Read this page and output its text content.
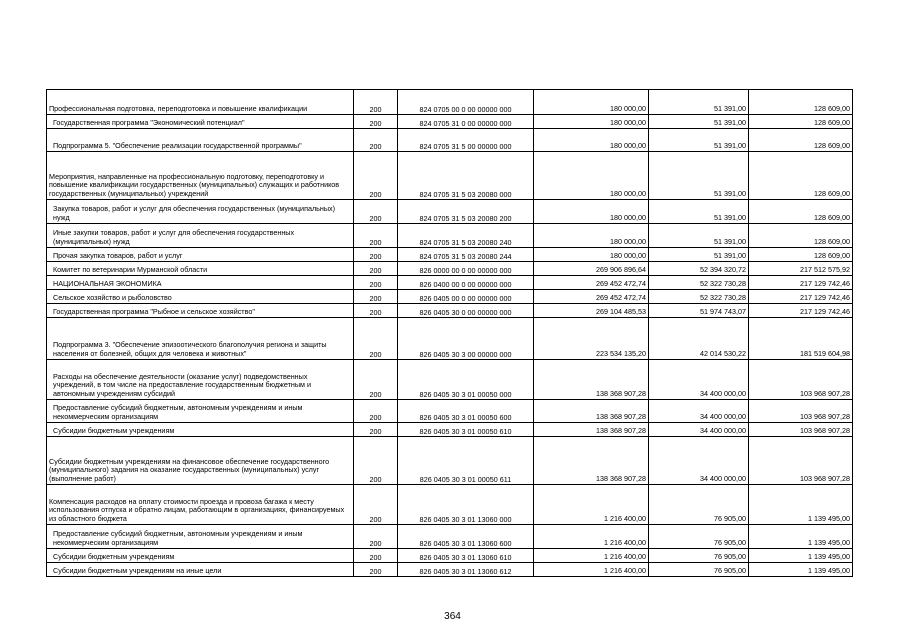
Профессиональная подготовка, переподготовка и повышение квалификации	200	824 0705 00 0 00 00000 000	180 000,00	51 391,00	128 609,00
Государственная программа "Экономический потенциал"	200	824 0705 31 0 00 00000 000	180 000,00	51 391,00	128 609,00
Подпрограмма 5. "Обеспечение реализации государственной программы"	200	824 0705 31 5 00 00000 000	180 000,00	51 391,00	128 609,00
Мероприятия, направленные на профессиональную подготовку, переподготовку и повышение квалификации государственных (муниципальных) служащих и работников государственных (муниципальных) учреждений	200	824 0705 31 5 03 20080 000	180 000,00	51 391,00	128 609,00
Закупка товаров, работ и услуг для обеспечения государственных (муниципальных) нужд	200	824 0705 31 5 03 20080 200	180 000,00	51 391,00	128 609,00
Иные закупки товаров, работ и услуг для обеспечения государственных (муниципальных) нужд	200	824 0705 31 5 03 20080 240	180 000,00	51 391,00	128 609,00
Прочая закупка товаров, работ и услуг	200	824 0705 31 5 03 20080 244	180 000,00	51 391,00	128 609,00
Комитет по ветеринарии Мурманской области	200	826 0000 00 0 00 00000 000	269 906 896,64	52 394 320,72	217 512 575,92
НАЦИОНАЛЬНАЯ ЭКОНОМИКА	200	826 0400 00 0 00 00000 000	269 452 472,74	52 322 730,28	217 129 742,46
Сельское хозяйство и рыболовство	200	826 0405 00 0 00 00000 000	269 452 472,74	52 322 730,28	217 129 742,46
Государственная программа "Рыбное и сельское хозяйство"	200	826 0405 30 0 00 00000 000	269 104 485,53	51 974 743,07	217 129 742,46
Подпрограмма 3. "Обеспечение эпизоотического благополучия региона и защиты населения от болезней, общих для человека и животных"	200	826 0405 30 3 00 00000 000	223 534 135,20	42 014 530,22	181 519 604,98
Расходы на обеспечение деятельности (оказание услуг) подведомственных учреждений, в том числе на предоставление государственным бюджетным и автономным учреждениям субсидий	200	826 0405 30 3 01 00050 000	138 368 907,28	34 400 000,00	103 968 907,28
Предоставление субсидий бюджетным, автономным учреждениям и иным некоммерческим организациям	200	826 0405 30 3 01 00050 600	138 368 907,28	34 400 000,00	103 968 907,28
Субсидии бюджетным учреждениям	200	826 0405 30 3 01 00050 610	138 368 907,28	34 400 000,00	103 968 907,28
Субсидии бюджетным учреждениям на финансовое обеспечение государственного (муниципального) задания на оказание государственных (муниципальных) услуг (выполнение работ)	200	826 0405 30 3 01 00050 611	138 368 907,28	34 400 000,00	103 968 907,28
Компенсация расходов на оплату стоимости проезда и провоза багажа к месту использования отпуска и обратно лицам, работающим в организациях, финансируемых из областного бюджета	200	826 0405 30 3 01 13060 000	1 216 400,00	76 905,00	1 139 495,00
Предоставление субсидий бюджетным, автономным учреждениям и иным некоммерческим организациям	200	826 0405 30 3 01 13060 600	1 216 400,00	76 905,00	1 139 495,00
Субсидии бюджетным учреждениям	200	826 0405 30 3 01 13060 610	1 216 400,00	76 905,00	1 139 495,00
Субсидии бюджетным учреждениям на иные цели	200	826 0405 30 3 01 13060 612	1 216 400,00	76 905,00	1 139 495,00
364
